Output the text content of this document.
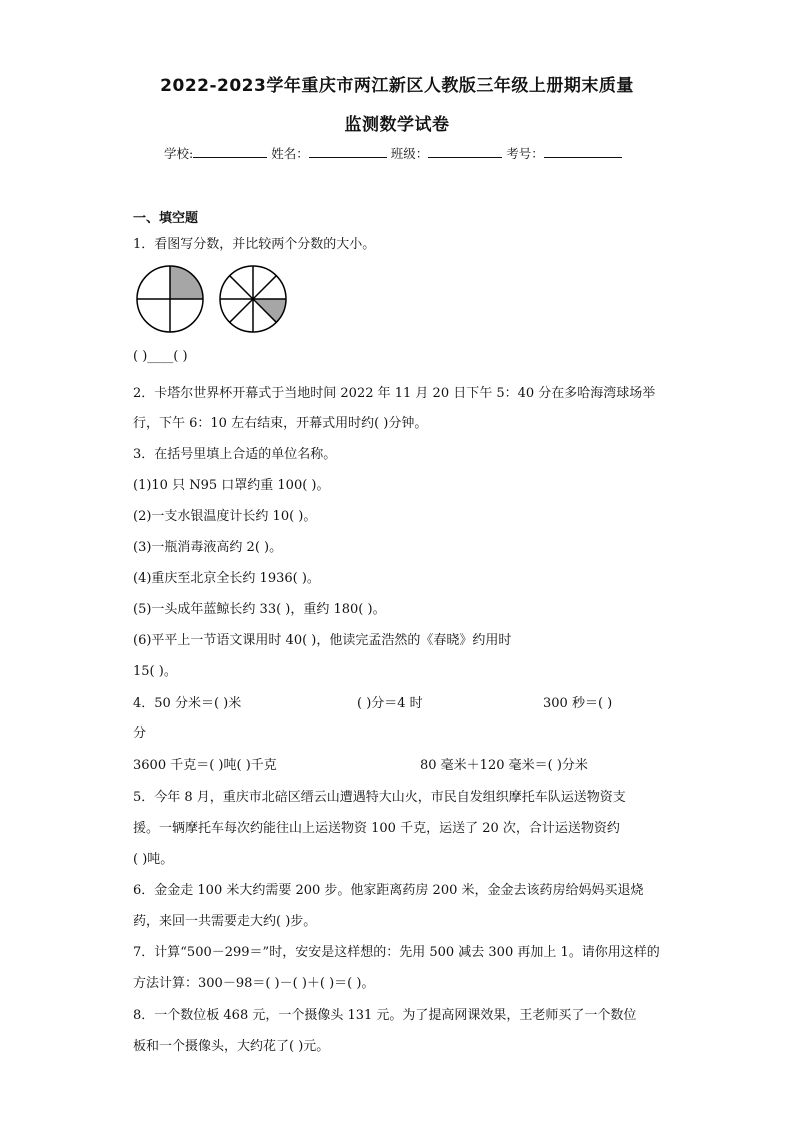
2022-2023学年重庆市两江新区人教版三年级上册期末质量
监测数学试卷
学校:	姓名：	班级：	考号：
一、填空题
1．看图写分数，并比较两个分数的大小。
( )____( )
2．卡塔尔世界杯开幕式于当地时间 2022 年 11 月 20 日下午 5：40 分在多哈海湾球场举
行，下午 6：10 左右结束，开幕式用时约( )分钟。
3．在括号里填上合适的单位名称。
(1)10 只 N95 口罩约重 100( )。
(2)一支水银温度计长约 10( )。
(3)一瓶消毒液高约 2( )。
(4)重庆至北京全长约 1936( )。
(5)一头成年蓝鲸长约 33( )，重约 180( )。
(6)平平上一节语文课用时 40( )，他读完孟浩然的《春晓》约用时
15( )。
4．50 分米＝( )米	( )分＝4 时	300 秒＝( )
分
3600 千克＝( )吨( )千克	80 毫米＋120 毫米＝( )分米
5．今年 8 月，重庆市北碚区缙云山遭遇特大山火，市民自发组织摩托车队运送物资支
援。一辆摩托车每次约能往山上运送物资 100 千克，运送了 20 次，合计运送物资约
( )吨。
6．金金走 100 米大约需要 200 步。他家距离药房 200 米，金金去该药房给妈妈买退烧
药，来回一共需要走大约( )步。
7．计算“500－299＝”时，安安是这样想的：先用 500 减去 300 再加上 1。请你用这样的
方法计算：300－98＝( )－( )＋( )＝( )。
8．一个数位板 468 元，一个摄像头 131 元。为了提高网课效果，王老师买了一个数位
板和一个摄像头，大约花了( )元。
